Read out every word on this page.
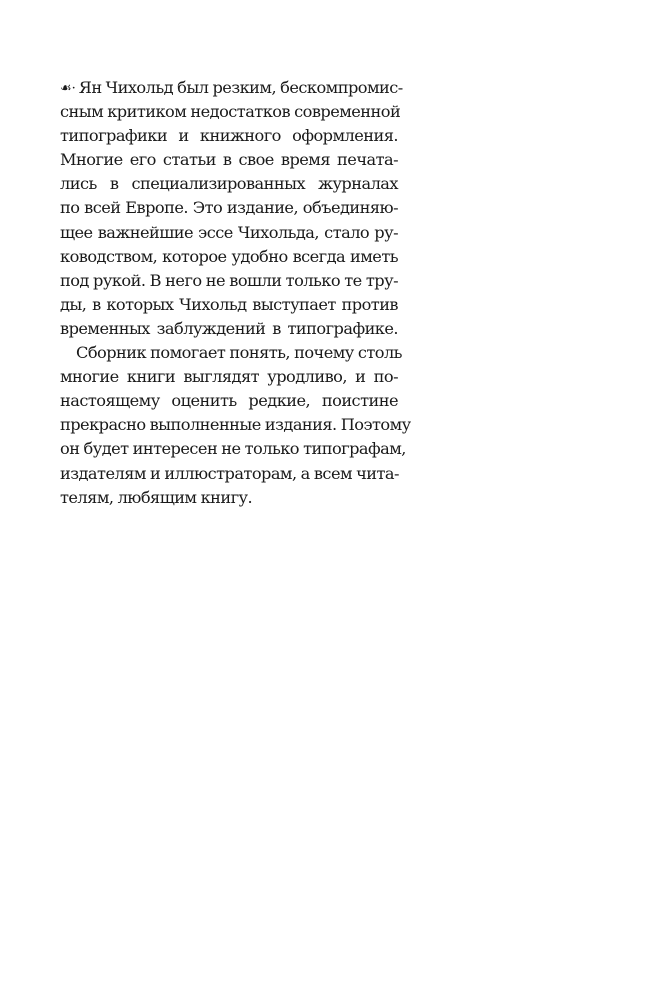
☙· Ян Чихольд был резким, бескомпромис-
сным критиком недостатков современной
типографики и книжного оформления.
Многие его статьи в свое время печата-
лись в специализированных журналах
по всей Европе. Это издание, объединяю-
щее важнейшие эссе Чихольда, стало ру-
ководством, которое удобно всегда иметь
под рукой. В него не вошли только те тру-
ды, в которых Чихольд выступает против
временных заблуждений в типографике.
Сборник помогает понять, почему столь
многие книги выглядят уродливо, и по-
настоящему оценить редкие, поистине
прекрасно выполненные издания. Поэтому
он будет интересен не только типографам,
издателям и иллюстраторам, а всем чита-
телям, любящим книгу.
